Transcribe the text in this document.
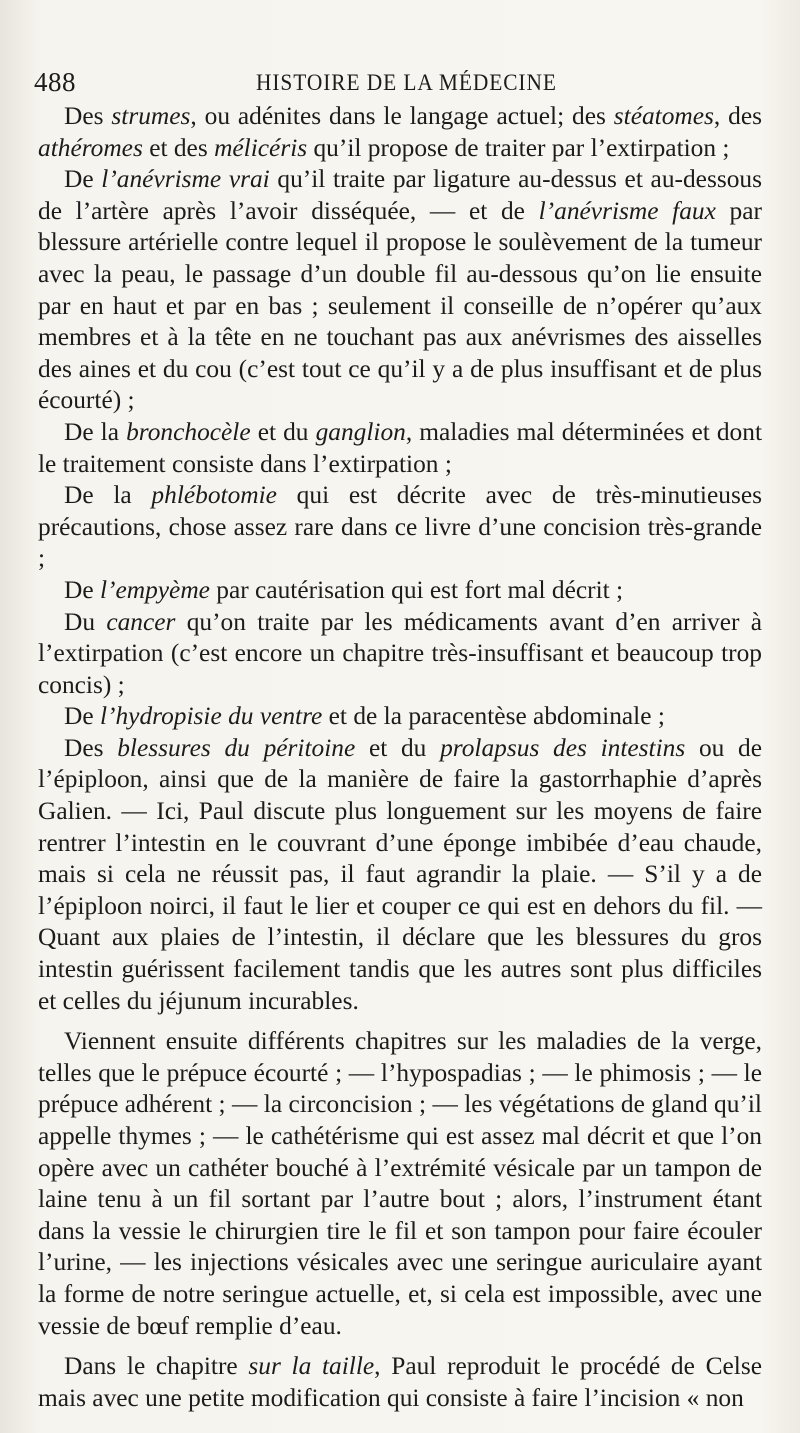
488	HISTOIRE DE LA MÉDECINE

Des strumes, ou adénites dans le langage actuel; des stéatomes, des athéromes et des mélicéris qu’il propose de traiter par l’extirpation ;

De l’anévrisme vrai qu’il traite par ligature au-dessus et au-dessous de l’artère après l’avoir disséquée, — et de l’anévrisme faux par blessure artérielle contre lequel il propose le soulèvement de la tumeur avec la peau, le passage d’un double fil au-dessous qu’on lie ensuite par en haut et par en bas ; seulement il conseille de n’opérer qu’aux membres et à la tête en ne touchant pas aux anévrismes des aisselles des aines et du cou (c’est tout ce qu’il y a de plus insuffisant et de plus écourté) ;

De la bronchocèle et du ganglion, maladies mal déterminées et dont le traitement consiste dans l’extirpation ;

De la phlébotomie qui est décrite avec de très-minutieuses précautions, chose assez rare dans ce livre d’une concision très-grande ;

De l’empyème par cautérisation qui est fort mal décrit ;

Du cancer qu’on traite par les médicaments avant d’en arriver à l’extirpation (c’est encore un chapitre très-insuffisant et beaucoup trop concis) ;

De l’hydropisie du ventre et de la paracentèse abdominale ;

Des blessures du péritoine et du prolapsus des intestins ou de l’épiploon, ainsi que de la manière de faire la gastorrhaphie d’après Galien. — Ici, Paul discute plus longuement sur les moyens de faire rentrer l’intestin en le couvrant d’une éponge imbibée d’eau chaude, mais si cela ne réussit pas, il faut agrandir la plaie. — S’il y a de l’épiploon noirci, il faut le lier et couper ce qui est en dehors du fil. — Quant aux plaies de l’intestin, il déclare que les blessures du gros intestin guérissent facilement tandis que les autres sont plus difficiles et celles du jéjunum incurables.

Viennent ensuite différents chapitres sur les maladies de la verge, telles que le prépuce écourté ; — l’hypospadias ; — le phimosis ; — le prépuce adhérent ; — la circoncision ; — les végétations de gland qu’il appelle thymes ; — le cathétérisme qui est assez mal décrit et que l’on opère avec un cathéter bouché à l’extrémité vésicale par un tampon de laine tenu à un fil sortant par l’autre bout ; alors, l’instrument étant dans la vessie le chirurgien tire le fil et son tampon pour faire écouler l’urine, — les injections vésicales avec une seringue auriculaire ayant la forme de notre seringue actuelle, et, si cela est impossible, avec une vessie de bœuf remplie d’eau.

Dans le chapitre sur la taille, Paul reproduit le procédé de Celse mais avec une petite modification qui consiste à faire l’incision « non
